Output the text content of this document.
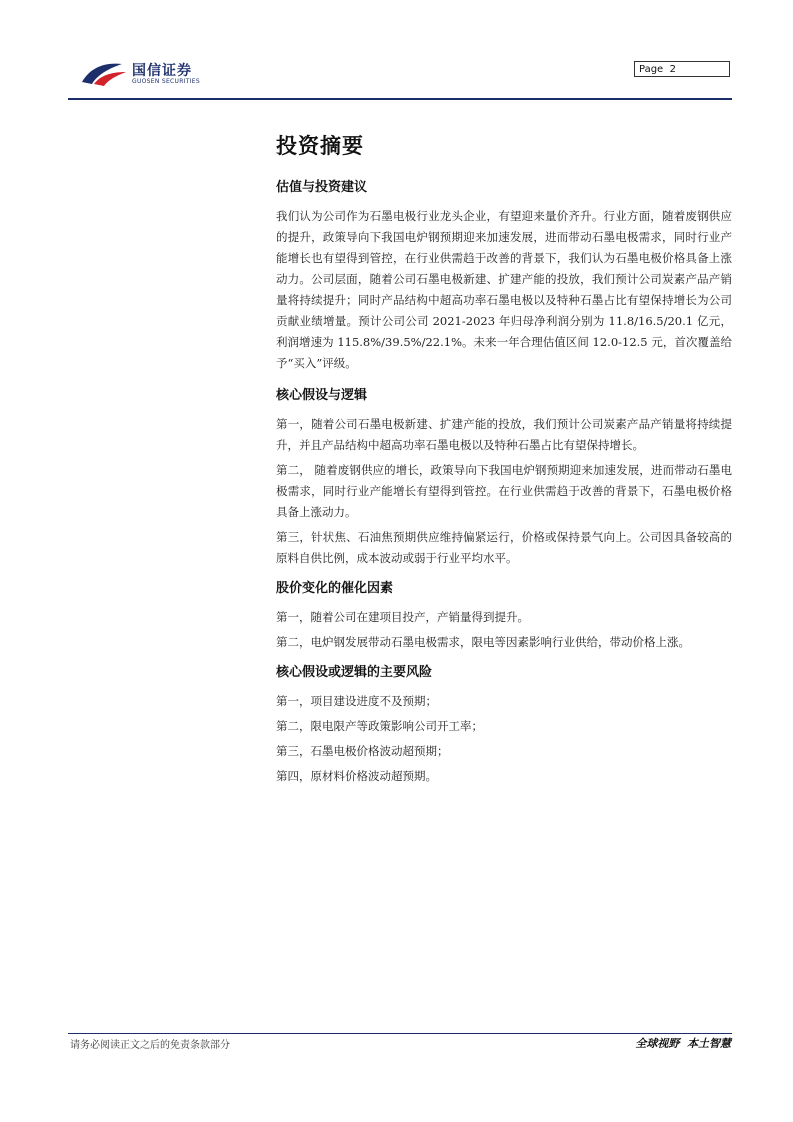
国信证券
GUOSEN SECURITIES
Page 2
投资摘要
估值与投资建议

我们认为公司作为石墨电极行业龙头企业，有望迎来量价齐升。行业方面，随着废钢供应的提升，政策导向下我国电炉钢预期迎来加速发展，进而带动石墨电极需求，同时行业产能增长也有望得到管控，在行业供需趋于改善的背景下，我们认为石墨电极价格具备上涨动力。公司层面，随着公司石墨电极新建、扩建产能的投放，我们预计公司炭素产品产销量将持续提升；同时产品结构中超高功率石墨电极以及特种石墨占比有望保持增长为公司贡献业绩增量。预计公司公司 2021-2023 年归母净利润分别为 11.8/16.5/20.1 亿元，利润增速为 115.8%/39.5%/22.1%。未来一年合理估值区间 12.0-12.5 元，首次覆盖给予“买入”评级。

核心假设与逻辑

第一，随着公司石墨电极新建、扩建产能的投放，我们预计公司炭素产品产销量将持续提升，并且产品结构中超高功率石墨电极以及特种石墨占比有望保持增长。

第二， 随着废钢供应的增长，政策导向下我国电炉钢预期迎来加速发展，进而带动石墨电极需求，同时行业产能增长有望得到管控。在行业供需趋于改善的背景下，石墨电极价格具备上涨动力。

第三，针状焦、石油焦预期供应维持偏紧运行，价格或保持景气向上。公司因具备较高的原料自供比例，成本波动或弱于行业平均水平。

股价变化的催化因素

第一，随着公司在建项目投产，产销量得到提升。

第二，电炉钢发展带动石墨电极需求，限电等因素影响行业供给，带动价格上涨。

核心假设或逻辑的主要风险

第一，项目建设进度不及预期；

第二，限电限产等政策影响公司开工率；

第三，石墨电极价格波动超预期；

第四，原材料价格波动超预期。

请务必阅读正文之后的免责条款部分	全球视野  本土智慧
